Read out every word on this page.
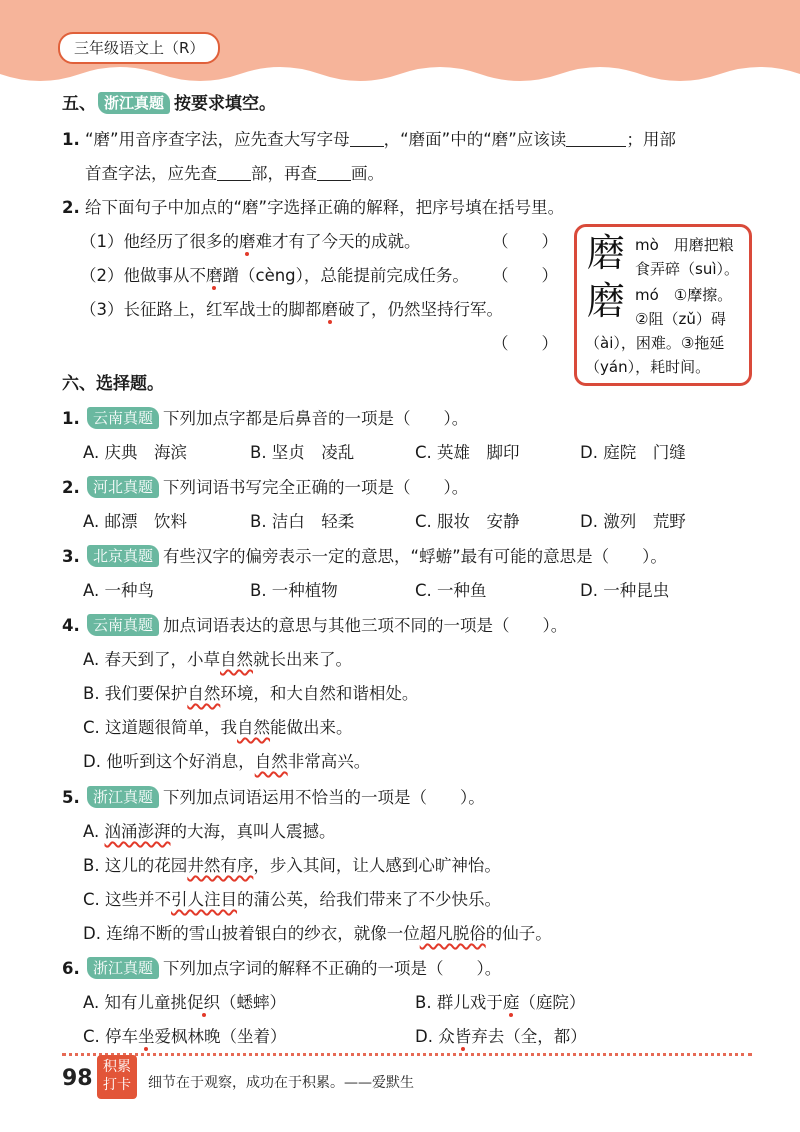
三年级语文上（R）
五、 浙江真题 按要求填空。
1. “磨”用音序查字法，应先查大写字母 ，“磨面”中的“磨”应该读	；用部
首查字法，应先查 部，再查 画。
2. 给下面句子中加点的“磨”字选择正确的解释，把序号填在括号里。
（1）他经历了很多的磨难才有了今天的成就。	（　　）
（2）他做事从不磨蹭（cèng），总能提前完成任务。 （　　）
（3）长征路上，红军战士的脚都磨破了，仍然坚持行军。
（　　）
磨
磨
mò　用磨把粮
食弄碎（suì）。
mó　①摩擦。
②阻（zǔ）碍
（ài），困难。③拖延
（yán），耗时间。
六、选择题。
1. 云南真题 下列加点字都是后鼻音的一项是（　　）。
A. 庆典　海滨	B. 坚贞　凌乱	C. 英雄　脚印	D. 庭院　门缝
2. 河北真题 下列词语书写完全正确的一项是（　　）。
A. 邮漂　饮料	B. 洁白　轻柔	C. 服妆　安静	D. 激列　荒野
3. 北京真题 有些汉字的偏旁表示一定的意思，“蜉蝣”最有可能的意思是（　　）。
A. 一种鸟	B. 一种植物	C. 一种鱼	D. 一种昆虫
4. 云南真题 加点词语表达的意思与其他三项不同的一项是（　　）。
A. 春天到了，小草自然就长出来了。
B. 我们要保护自然环境，和大自然和谐相处。
C. 这道题很简单，我自然能做出来。
D. 他听到这个好消息，自然非常高兴。
5. 浙江真题 下列加点词语运用不恰当的一项是（　　）。
A. 汹涌澎湃的大海，真叫人震撼。
B. 这儿的花园井然有序，步入其间，让人感到心旷神怡。
C. 这些并不引人注目的蒲公英，给我们带来了不少快乐。
D. 连绵不断的雪山披着银白的纱衣，就像一位超凡脱俗的仙子。
6. 浙江真题 下列加点字词的解释不正确的一项是（　　）。
A. 知有儿童挑促织（蟋蟀）	B. 群儿戏于庭（庭院）
C. 停车坐爱枫林晚（坐着）	D. 众皆弃去（全，都）
98 积累
打卡	细节在于观察，成功在于积累。——爱默生
